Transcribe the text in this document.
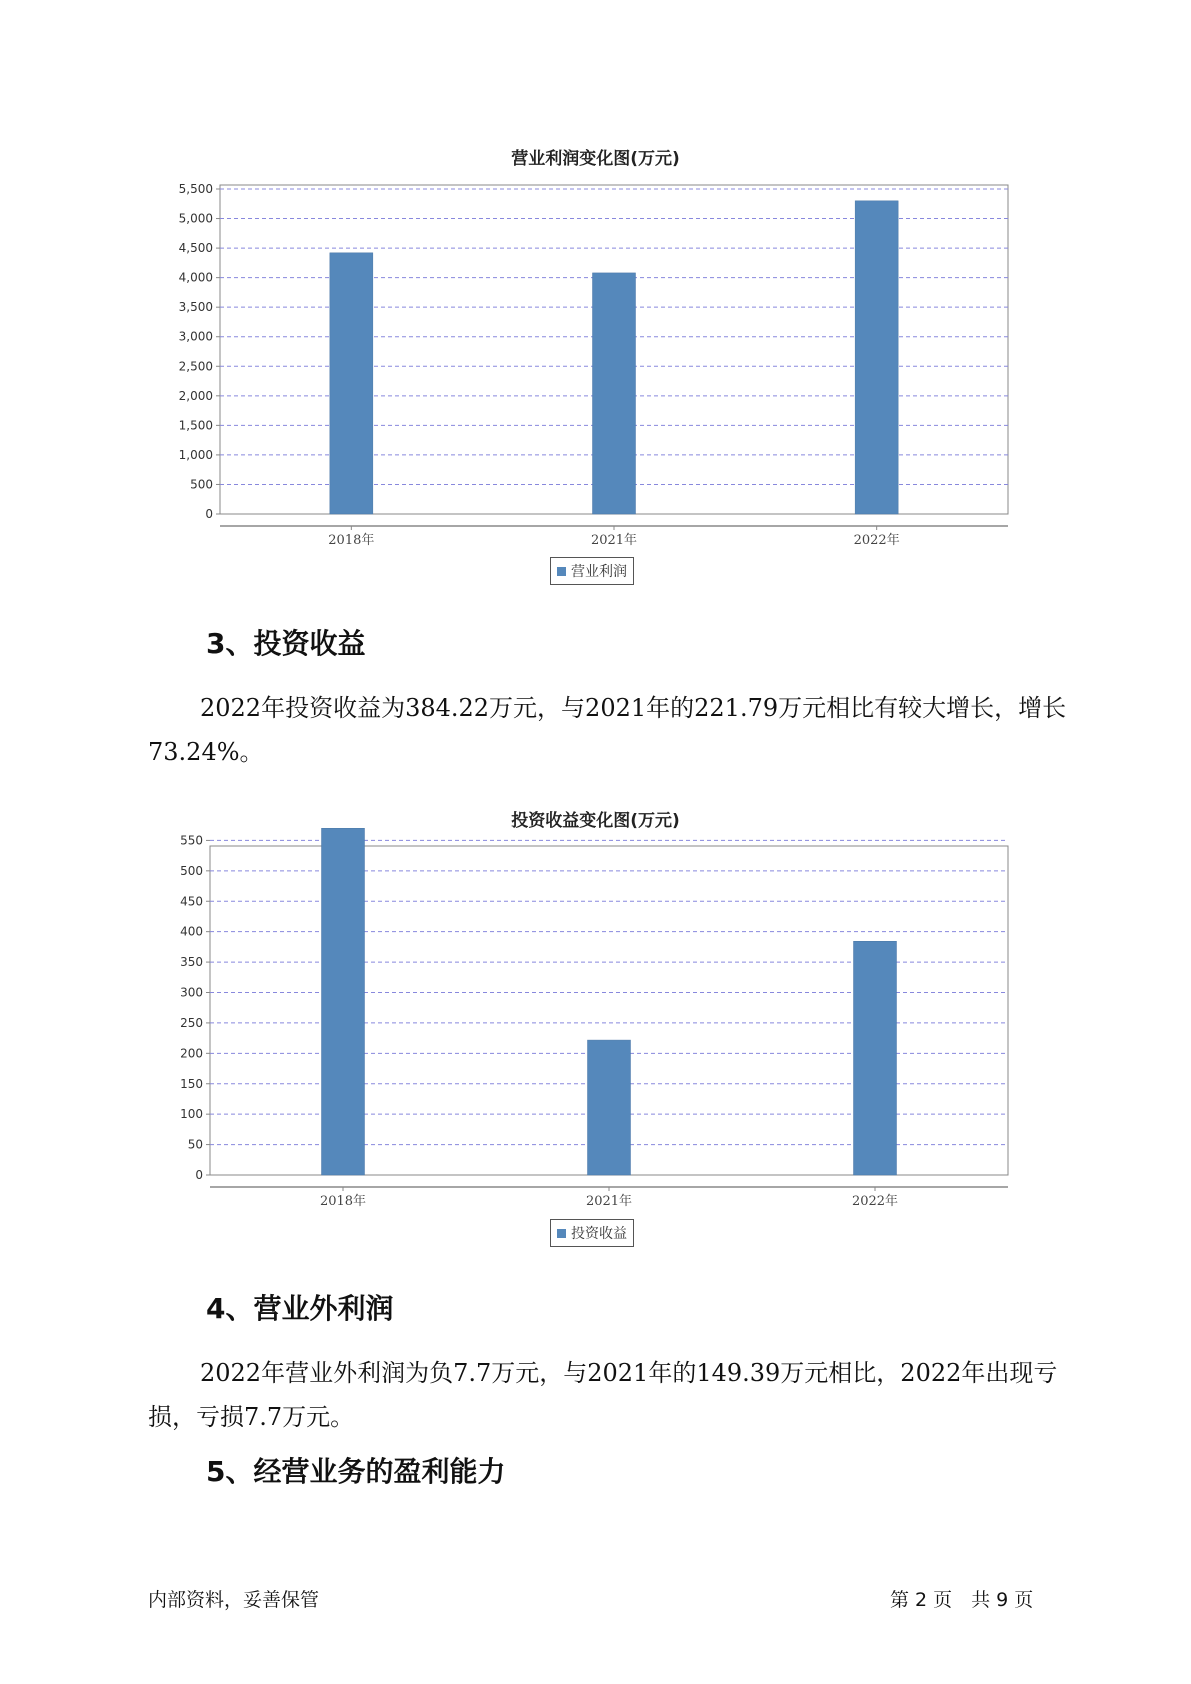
营业利润变化图(万元)
0
500
1,000
1,500
2,000
2,500
3,000
3,500
4,000
4,500
5,000
5,500
2018年	2021年	2022年
营业利润
3、投资收益

2022年投资收益为384.22万元，与2021年的221.79万元相比有较大增长，增长73.24%。

投资收益变化图(万元)
0
50
100
150
200
250
300
350
400
450
500
550
2018年	2021年	2022年
投资收益
4、营业外利润

2022年营业外利润为负7.7万元，与2021年的149.39万元相比，2022年出现亏损，亏损7.7万元。

5、经营业务的盈利能力
内部资料，妥善保管	第 2 页　共 9 页
